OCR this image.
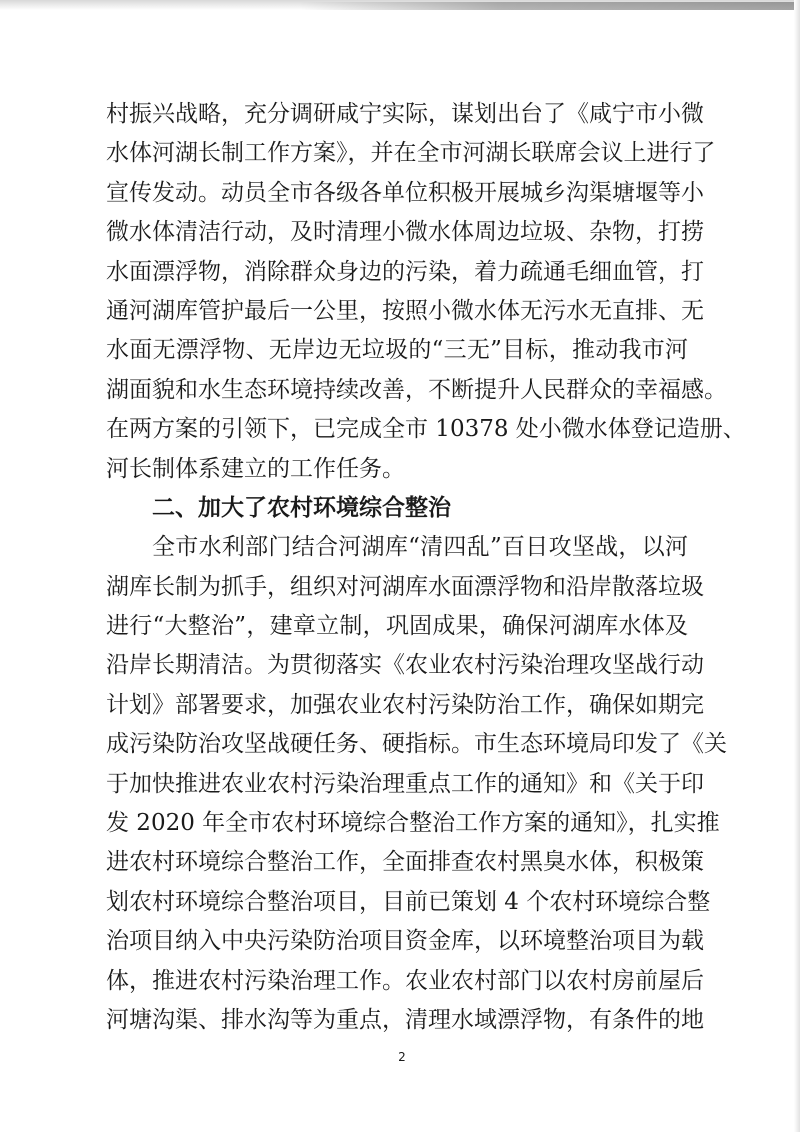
村振兴战略，充分调研咸宁实际，谋划出台了《咸宁市小微
水体河湖长制工作方案》，并在全市河湖长联席会议上进行了
宣传发动。动员全市各级各单位积极开展城乡沟渠塘堰等小
微水体清洁行动，及时清理小微水体周边垃圾、杂物，打捞
水面漂浮物，消除群众身边的污染，着力疏通毛细血管，打
通河湖库管护最后一公里，按照小微水体无污水无直排、无
水面无漂浮物、无岸边无垃圾的“三无”目标，推动我市河
湖面貌和水生态环境持续改善，不断提升人民群众的幸福感。
在两方案的引领下，已完成全市 10378 处小微水体登记造册、
河长制体系建立的工作任务。
二、加大了农村环境综合整治
全市水利部门结合河湖库“清四乱”百日攻坚战，以河
湖库长制为抓手，组织对河湖库水面漂浮物和沿岸散落垃圾
进行“大整治”，建章立制，巩固成果，确保河湖库水体及
沿岸长期清洁。为贯彻落实《农业农村污染治理攻坚战行动
计划》部署要求，加强农业农村污染防治工作，确保如期完
成污染防治攻坚战硬任务、硬指标。市生态环境局印发了《关
于加快推进农业农村污染治理重点工作的通知》和《关于印
发 2020 年全市农村环境综合整治工作方案的通知》，扎实推
进农村环境综合整治工作，全面排查农村黑臭水体，积极策
划农村环境综合整治项目，目前已策划 4 个农村环境综合整
治项目纳入中央污染防治项目资金库，以环境整治项目为载
体，推进农村污染治理工作。农业农村部门以农村房前屋后
河塘沟渠、排水沟等为重点，清理水域漂浮物，有条件的地
2
